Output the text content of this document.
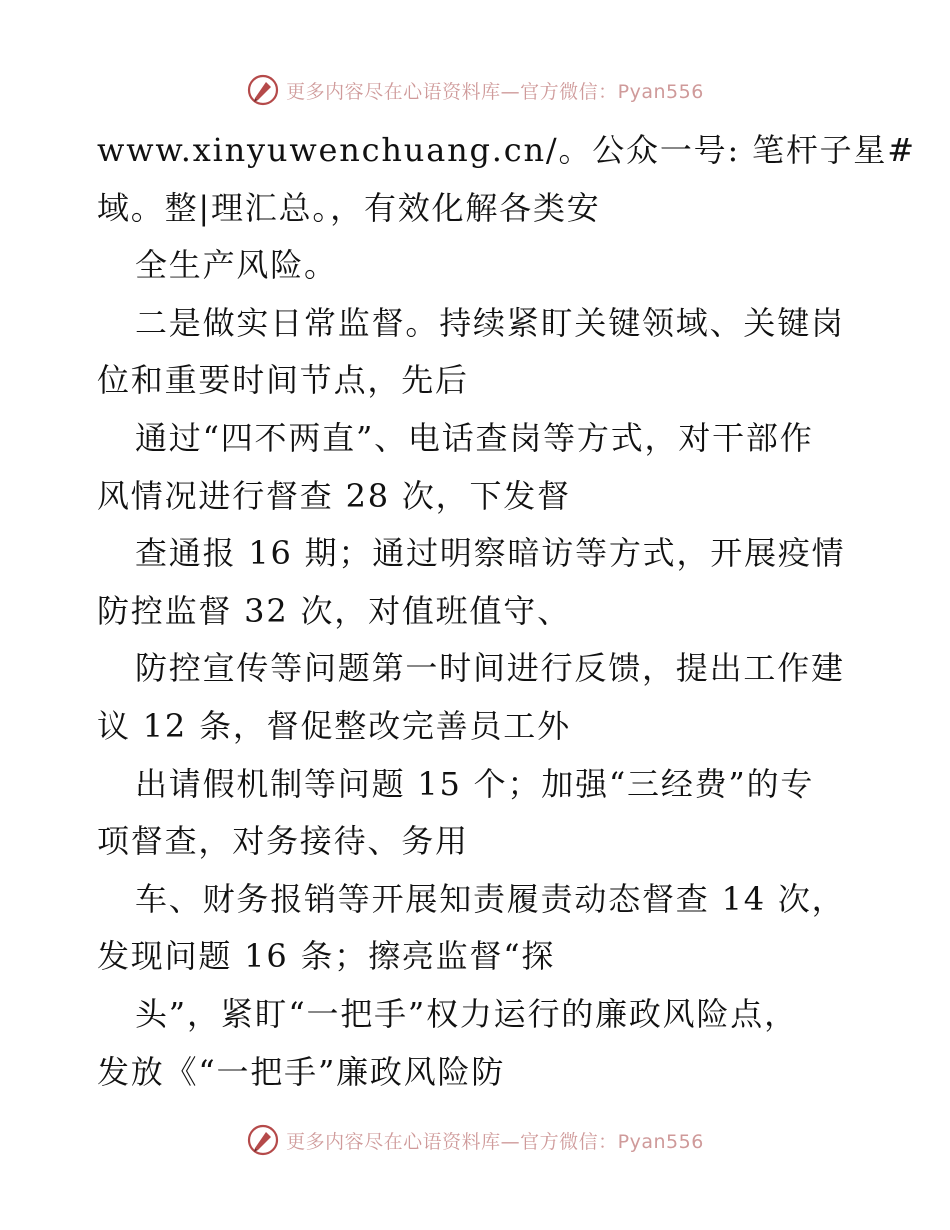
更多内容尽在心语资料库—官方微信：Pyan556
www.xinyuwenchuang.cn/。公众一号: 笔杆子星#
域。整|理汇总。，有效化解各类安
全生产风险。
二是做实日常监督。持续紧盯关键领域、关键岗
位和重要时间节点，先后
通过“四不两直”、电话查岗等方式，对干部作
风情况进行督查 28 次，下发督
查通报 16 期；通过明察暗访等方式，开展疫情
防控监督 32 次，对值班值守、
防控宣传等问题第一时间进行反馈，提出工作建
议 12 条，督促整改完善员工外
出请假机制等问题 15 个；加强“三经费”的专
项督查，对务接待、务用
车、财务报销等开展知责履责动态督查 14 次，
发现问题 16 条；擦亮监督“探
头”，紧盯“一把手”权力运行的廉政风险点，
发放《“一把手”廉政风险防
更多内容尽在心语资料库—官方微信：Pyan556
